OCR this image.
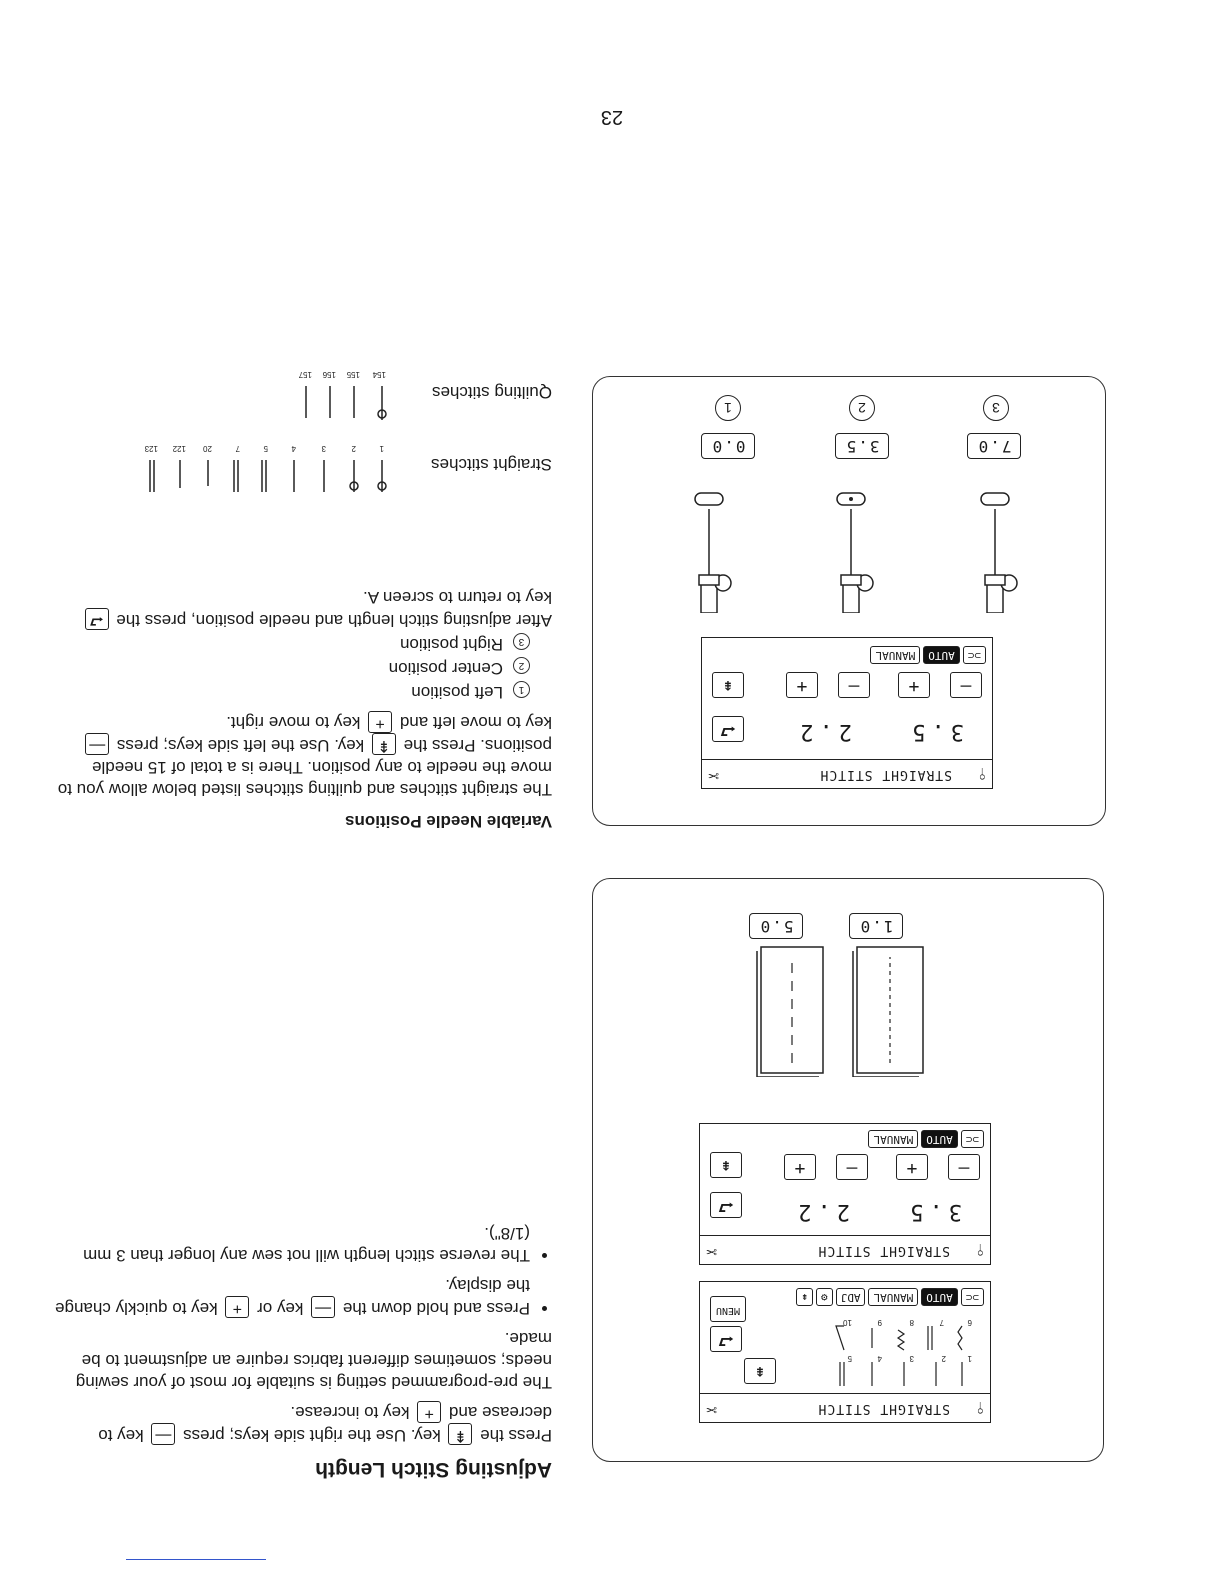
23
Adjusting Stitch Length

Press the ⇞ key. Use the right side keys; press — key to decrease and + key to increase.

The pre-programmed setting is suitable for most of your sewing needs; sometimes different fabrics require an adjustment to be made.

• Press and hold down the — key or + key to quickly change the display.
• The reverse stitch length will not sew any longer than 3 mm (1/8").
Variable Needle Positions

The straight stitches and quilting stitches listed below allow you to move the needle to any position. There is a total of 15 needle positions. Press the ⇞ key. Use the left side keys; press — key to move left and + key to move right.

1Left position
2Center position
3Right position

After adjusting stitch length and needle position, press the ⮐ key to return to screen A.

Straight stitches
1
2
3
4
5
7
20
122
123
Quilting stitches
154
155
156
157
⫯
STRAIGHT STITCH
✂
⇞
⮐
MENU
1
2
3
4
5
6
7
8
9
10
⊃⊂AUTOMANUALADJ⚙⇞
⫯
STRAIGHT STITCH
✂
3.5
2.2
⮐
⇞	—
+
—
+
⊃⊂AUTOMANUAL
1.0
5.0
⫯
STRAIGHT STITCH
✂
3.5
2.2
⮐
⇞	—
+
—
+
⊃⊂AUTOMANUAL
7.0
3.5
0.0
3
2
1
